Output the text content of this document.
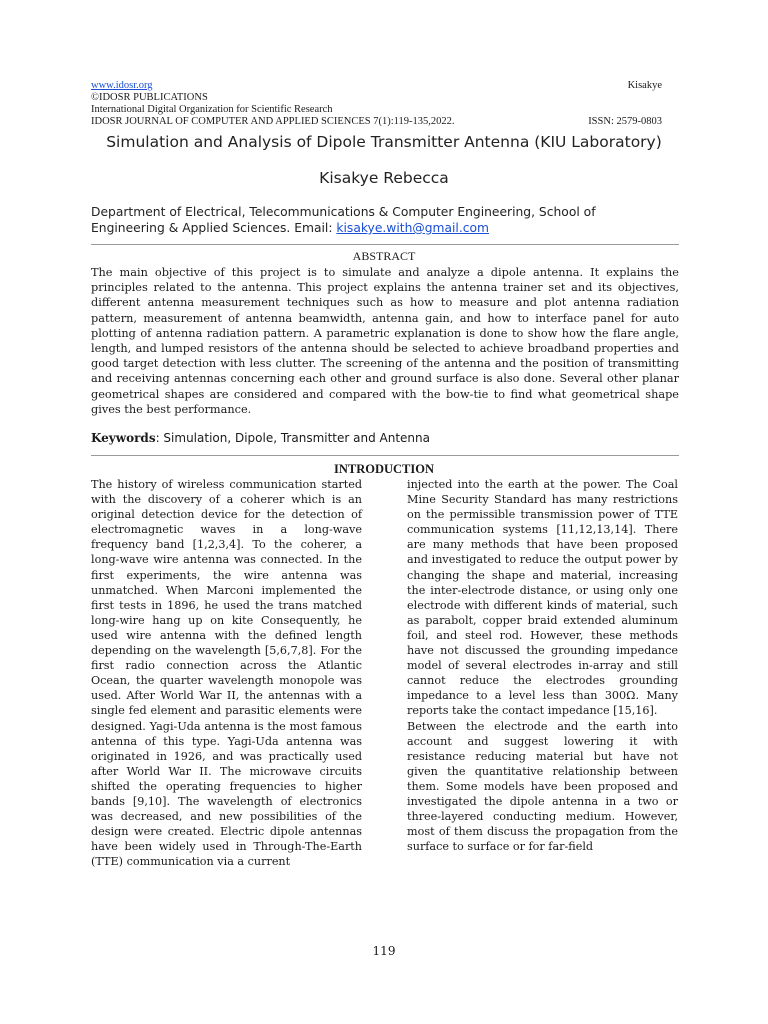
www.idosr.org	Kisakye
©IDOSR PUBLICATIONS
International Digital Organization for Scientific Research
IDOSR JOURNAL OF COMPUTER AND APPLIED SCIENCES 7(1):119-135,2022.	ISSN: 2579-0803
Simulation and Analysis of Dipole Transmitter Antenna (KIU Laboratory)
Kisakye Rebecca
Department of Electrical, Telecommunications & Computer Engineering, School of Engineering & Applied Sciences. Email: kisakye.with@gmail.com
ABSTRACT
The main objective of this project is to simulate and analyze a dipole antenna. It explains the principles related to the antenna. This project explains the antenna trainer set and its objectives, different antenna measurement techniques such as how to measure and plot antenna radiation pattern, measurement of antenna beamwidth, antenna gain, and how to interface panel for auto plotting of antenna radiation pattern. A parametric explanation is done to show how the flare angle, length, and lumped resistors of the antenna should be selected to achieve broadband properties and good target detection with less clutter. The screening of the antenna and the position of transmitting and receiving antennas concerning each other and ground surface is also done. Several other planar geometrical shapes are considered and compared with the bow-tie to find what geometrical shape gives the best performance.
Keywords: Simulation, Dipole, Transmitter and Antenna
INTRODUCTION

The history of wireless communication started with the discovery of a coherer which is an original detection device for the detection of electromagnetic waves in a long-wave frequency band [1,2,3,4]. To the coherer, a long-wave wire antenna was connected. In the first experiments, the wire antenna was unmatched. When Marconi implemented the first tests in 1896, he used the trans matched long-wire hang up on kite Consequently, he used wire antenna with the defined length depending on the wavelength [5,6,7,8]. For the first radio connection across the Atlantic Ocean, the quarter wavelength monopole was used. After World War II, the antennas with a single fed element and parasitic elements were designed. Yagi-Uda antenna is the most famous antenna of this type. Yagi-Uda antenna was originated in 1926, and was practically used after World War II. The microwave circuits shifted the operating frequencies to higher bands [9,10]. The wavelength of electronics was decreased, and new possibilities of the design were created. Electric dipole antennas have been widely used in Through-The-Earth (TTE) communication via a current

injected into the earth at the power. The Coal Mine Security Standard has many restrictions on the permissible transmission power of TTE communication systems [11,12,13,14]. There are many methods that have been proposed and investigated to reduce the output power by changing the shape and material, increasing the inter-electrode distance, or using only one electrode with different kinds of material, such as parabolt, copper braid extended aluminum foil, and steel rod. However, these methods have not discussed the grounding impedance model of several electrodes in-array and still cannot reduce the electrodes grounding impedance to a level less than 300Ω. Many reports take the contact impedance [15,16].

Between the electrode and the earth into account and suggest lowering it with resistance reducing material but have not given the quantitative relationship between them. Some models have been proposed and investigated the dipole antenna in a two or three-layered conducting medium. However, most of them discuss the propagation from the surface to surface or for far-field

119
